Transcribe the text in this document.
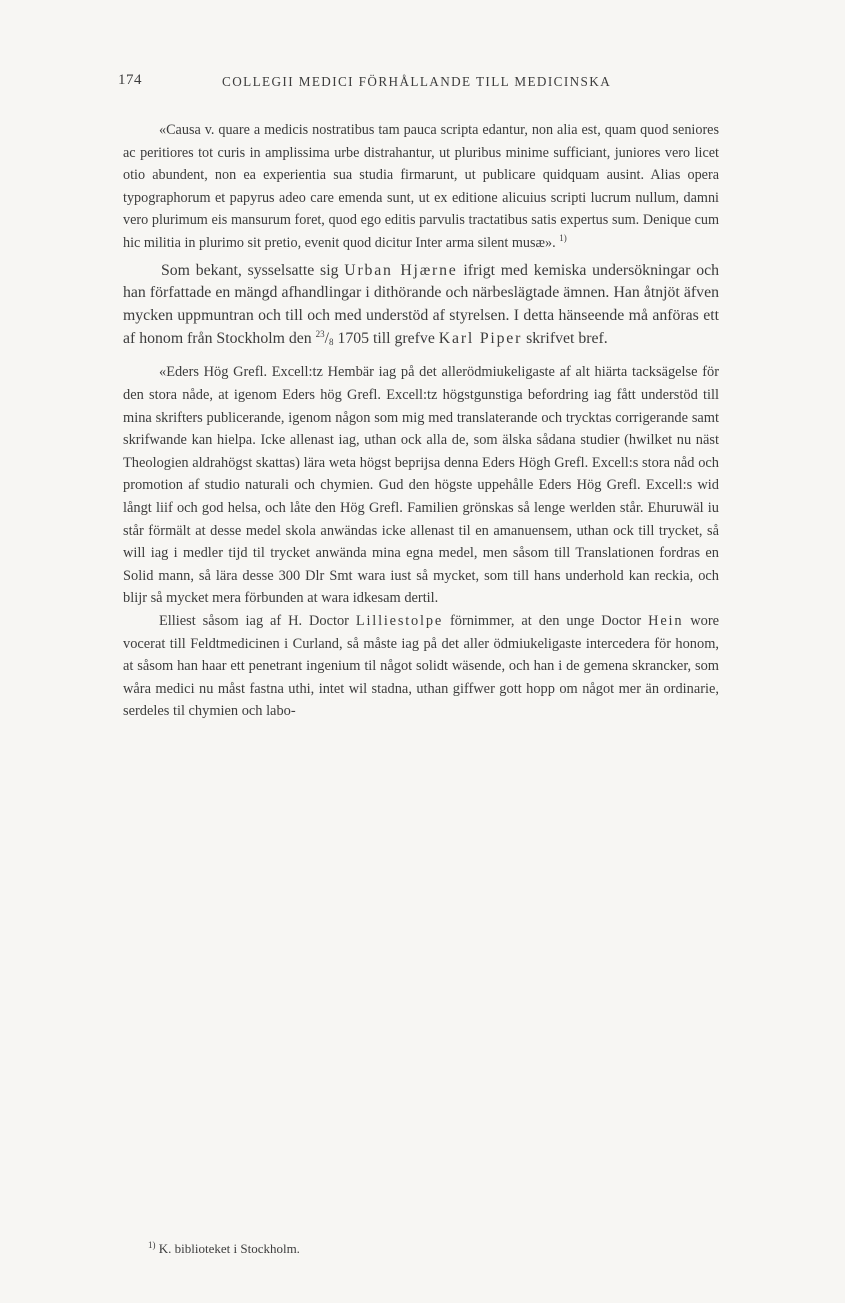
174	COLLEGII MEDICI FÖRHÅLLANDE TILL MEDICINSKA

«Causa v. quare a medicis nostratibus tam pauca scripta edantur, non alia est, quam quod seniores ac peritiores tot curis in amplissima urbe distrahantur, ut pluribus minime sufficiant, juniores vero licet otio abundent, non ea experientia sua studia firmarunt, ut publicare quidquam ausint. Alias opera typographorum et papyrus adeo care emenda sunt, ut ex editione alicuius scripti lucrum nullum, damni vero plurimum eis mansurum foret, quod ego editis parvulis tractatibus satis expertus sum. Denique cum hic militia in plurimo sit pretio, evenit quod dicitur Inter arma silent musæ». $^{1)}$

Som bekant, sysselsatte sig Urban Hjærne ifrigt med kemiska undersökningar och han författade en mängd afhandlingar i dithörande och närbeslägtade ämnen. Han åtnjöt äfven mycken uppmuntran och till och med understöd af styrelsen. I detta hänseende må anföras ett af honom från Stockholm den $^{23}/_8$ 1705 till grefve Karl Piper skrifvet bref.

«Eders Hög Grefl. Excell:tz Hembär iag på det allerödmiukeligaste af alt hiärta tacksägelse för den stora nåde, at igenom Eders hög Grefl. Excell:tz högstgunstiga befordring iag fått understöd till mina skrifters publicerande, igenom någon som mig med translaterande och trycktas corrigerande samt skrifwande kan hielpa. Icke allenast iag, uthan ock alla de, som älska sådana studier (hwilket nu näst Theologien aldrahögst skattas) lära weta högst beprijsa denna Eders Högh Grefl. Excell:s stora nåd och promotion af studio naturali och chymien. Gud den högste uppehålle Eders Hög Grefl. Excell:s wid långt liif och god helsa, och låte den Hög Grefl. Familien grönskas så lenge werlden står. Ehuruwäl iu står förmält at desse medel skola anwändas icke allenast til en amanuensem, uthan ock till trycket, så will iag i medler tijd til trycket anwända mina egna medel, men såsom till Translationen fordras en Solid mann, så lära desse 300 Dlr Smt wara iust så mycket, som till hans underhold kan reckia, och blijr så mycket mera förbunden at wara idkesam dertil.

Elliest såsom iag af H. Doctor Lilliestolpe förnimmer, at den unge Doctor Hein wore vocerat till Feldtmedicinen i Curland, så måste iag på det aller ödmiukeligaste intercedera för honom, at såsom han haar ett penetrant ingenium til något solidt wäsende, och han i de gemena skrancker, som wåra medici nu måst fastna uthi, intet wil stadna, uthan giffwer gott hopp om något mer än ordinarie, serdeles til chymien och labo-

$^{1)}$ K. biblioteket i Stockholm.
